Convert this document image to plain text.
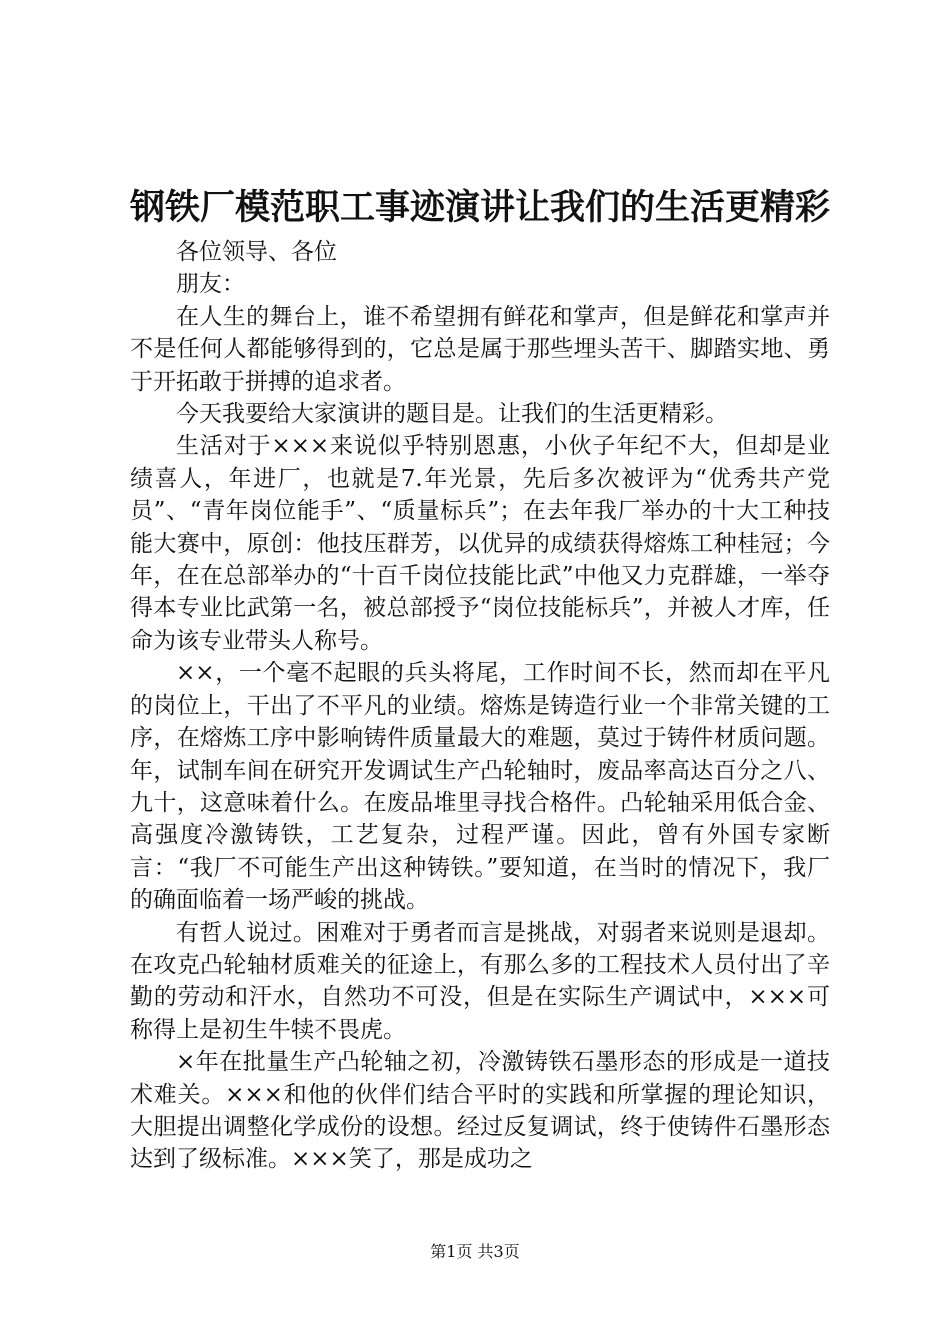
钢铁厂模范职工事迹演讲让我们的生活更精彩

各位领导、各位

朋友：

在人生的舞台上，谁不希望拥有鲜花和掌声，但是鲜花和掌声并不是任何人都能够得到的，它总是属于那些埋头苦干、脚踏实地、勇于开拓敢于拼搏的追求者。

今天我要给大家演讲的题目是。让我们的生活更精彩。

生活对于×××来说似乎特别恩惠，小伙子年纪不大，但却是业绩喜人，年进厂，也就是7.年光景，先后多次被评为“优秀共产党员”、“青年岗位能手”、“质量标兵”；在去年我厂举办的十大工种技能大赛中，原创：他技压群芳，以优异的成绩获得熔炼工种桂冠；今年，在在总部举办的“十百千岗位技能比武”中他又力克群雄，一举夺得本专业比武第一名，被总部授予“岗位技能标兵”，并被人才库，任命为该专业带头人称号。

××，一个毫不起眼的兵头将尾，工作时间不长，然而却在平凡的岗位上，干出了不平凡的业绩。熔炼是铸造行业一个非常关键的工序，在熔炼工序中影响铸件质量最大的难题，莫过于铸件材质问题。年，试制车间在研究开发调试生产凸轮轴时，废品率高达百分之八、九十，这意味着什么。在废品堆里寻找合格件。凸轮轴采用低合金、高强度冷激铸铁，工艺复杂，过程严谨。因此，曾有外国专家断言：“我厂不可能生产出这种铸铁。”要知道，在当时的情况下，我厂的确面临着一场严峻的挑战。

有哲人说过。困难对于勇者而言是挑战，对弱者来说则是退却。在攻克凸轮轴材质难关的征途上，有那么多的工程技术人员付出了辛勤的劳动和汗水，自然功不可没，但是在实际生产调试中，×××可称得上是初生牛犊不畏虎。

×年在批量生产凸轮轴之初，冷激铸铁石墨形态的形成是一道技术难关。×××和他的伙伴们结合平时的实践和所掌握的理论知识，大胆提出调整化学成份的设想。经过反复调试，终于使铸件石墨形态达到了级标准。×××笑了，那是成功之

第1页 共3页
